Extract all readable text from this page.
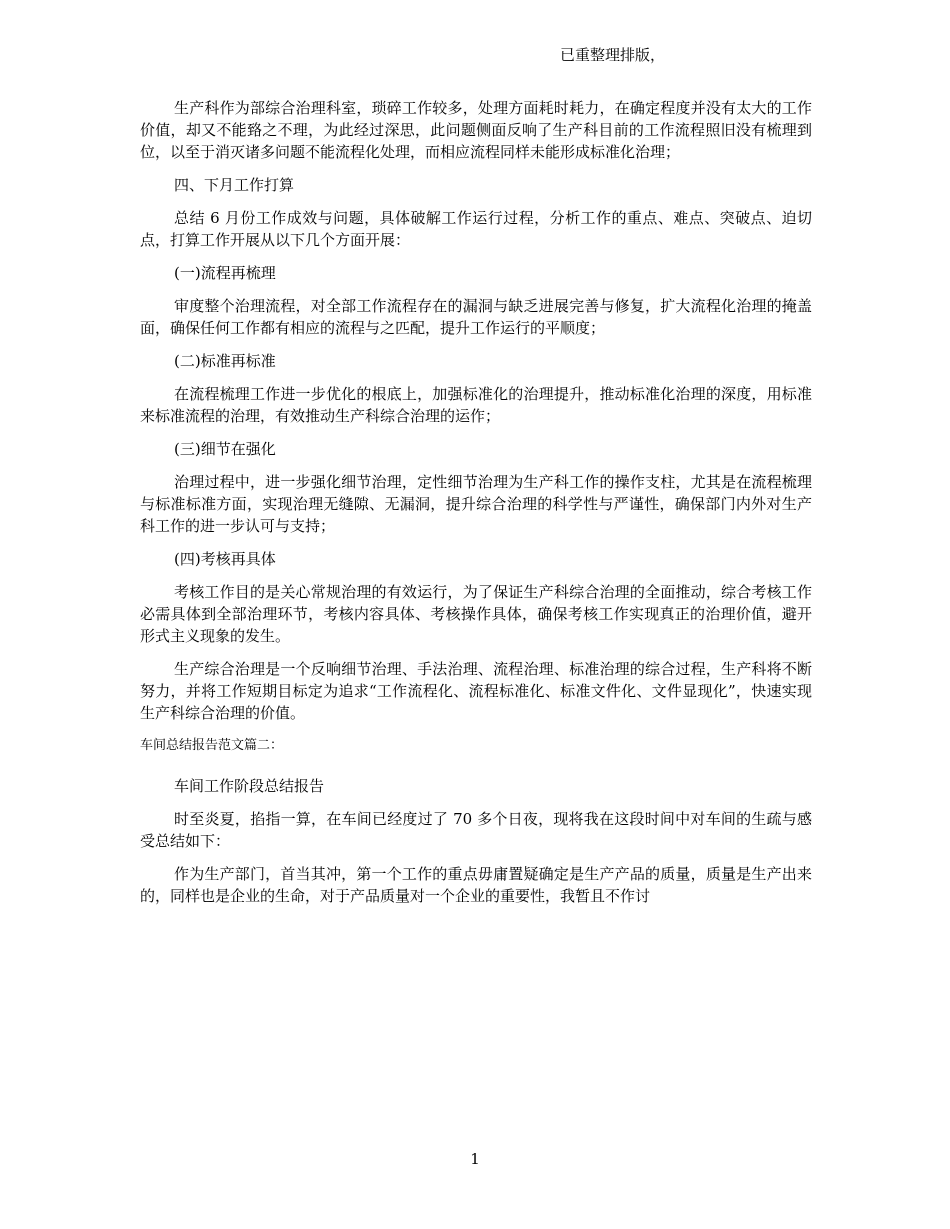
已重整理排版，

生产科作为部综合治理科室，琐碎工作较多，处理方面耗时耗力，在确定程度并没有太大的工作价值，却又不能臵之不理，为此经过深思，此问题侧面反响了生产科目前的工作流程照旧没有梳理到位，以至于消灭诸多问题不能流程化处理，而相应流程同样未能形成标准化治理；

四、下月工作打算

总结 6 月份工作成效与问题，具体破解工作运行过程，分析工作的重点、难点、突破点、迫切点，打算工作开展从以下几个方面开展：

(一)流程再梳理

审度整个治理流程，对全部工作流程存在的漏洞与缺乏进展完善与修复，扩大流程化治理的掩盖面，确保任何工作都有相应的流程与之匹配，提升工作运行的平顺度；

(二)标准再标准

在流程梳理工作进一步优化的根底上，加强标准化的治理提升，推动标准化治理的深度，用标准来标准流程的治理，有效推动生产科综合治理的运作；

(三)细节在强化

治理过程中，进一步强化细节治理，定性细节治理为生产科工作的操作支柱，尤其是在流程梳理与标准标准方面，实现治理无缝隙、无漏洞，提升综合治理的科学性与严谨性，确保部门内外对生产科工作的进一步认可与支持；

(四)考核再具体

考核工作目的是关心常规治理的有效运行，为了保证生产科综合治理的全面推动，综合考核工作必需具体到全部治理环节，考核内容具体、考核操作具体，确保考核工作实现真正的治理价值，避开形式主义现象的发生。

生产综合治理是一个反响细节治理、手法治理、流程治理、标准治理的综合过程，生产科将不断努力，并将工作短期目标定为追求“工作流程化、流程标准化、标准文件化、文件显现化”，快速实现生产科综合治理的价值。

车间总结报告范文篇二：

车间工作阶段总结报告

时至炎夏，掐指一算，在车间已经度过了 70 多个日夜，现将我在这段时间中对车间的生疏与感受总结如下：

作为生产部门，首当其冲，第一个工作的重点毋庸置疑确定是生产产品的质量，质量是生产出来的，同样也是企业的生命，对于产品质量对一个企业的重要性，我暂且不作讨

1
